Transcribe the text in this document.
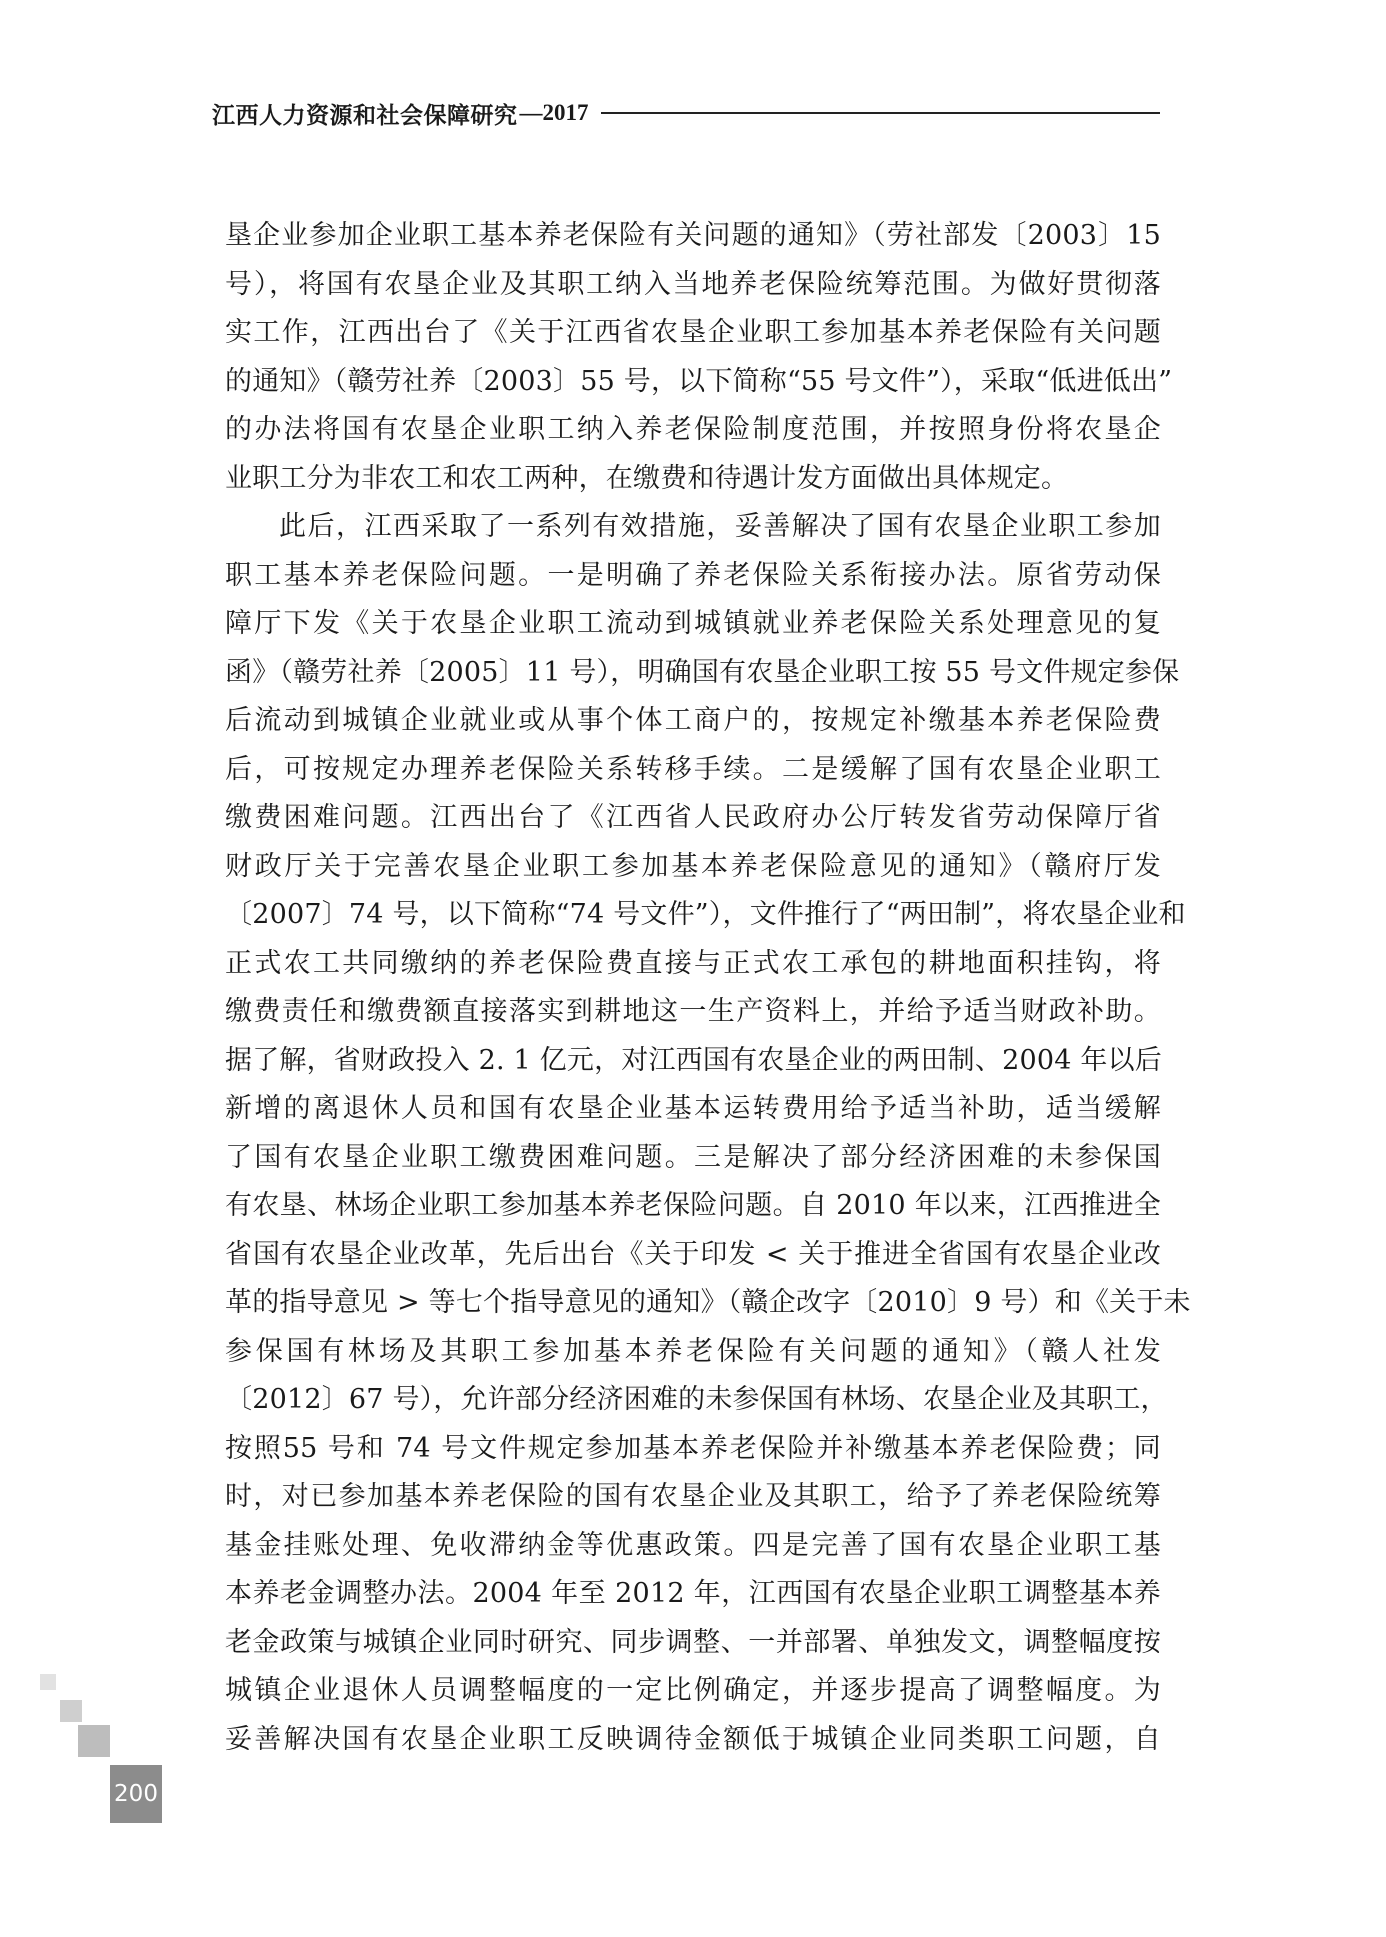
江西人力资源和社会保障研究 —2017
垦企业参加企业职工基本养老保险有关问题的通知》（劳社部发〔2003〕15
号），将国有农垦企业及其职工纳入当地养老保险统筹范围。为做好贯彻落
实工作，江西出台了《关于江西省农垦企业职工参加基本养老保险有关问题
的通知》（赣劳社养〔2003〕55 号，以下简称“55 号文件”），采取“低进低出”
的办法将国有农垦企业职工纳入养老保险制度范围，并按照身份将农垦企
业职工分为非农工和农工两种，在缴费和待遇计发方面做出具体规定。
此后，江西采取了一系列有效措施，妥善解决了国有农垦企业职工参加
职工基本养老保险问题。一是明确了养老保险关系衔接办法。原省劳动保
障厅下发《关于农垦企业职工流动到城镇就业养老保险关系处理意见的复
函》（赣劳社养〔2005〕11 号），明确国有农垦企业职工按 55 号文件规定参保
后流动到城镇企业就业或从事个体工商户的，按规定补缴基本养老保险费
后，可按规定办理养老保险关系转移手续。二是缓解了国有农垦企业职工
缴费困难问题。江西出台了《江西省人民政府办公厅转发省劳动保障厅省
财政厅关于完善农垦企业职工参加基本养老保险意见的通知》（赣府厅发
〔2007〕74 号，以下简称“74 号文件”），文件推行了“两田制”，将农垦企业和
正式农工共同缴纳的养老保险费直接与正式农工承包的耕地面积挂钩，将
缴费责任和缴费额直接落实到耕地这一生产资料上，并给予适当财政补助。
据了解，省财政投入 2. 1 亿元，对江西国有农垦企业的两田制、2004 年以后
新增的离退休人员和国有农垦企业基本运转费用给予适当补助，适当缓解
了国有农垦企业职工缴费困难问题。三是解决了部分经济困难的未参保国
有农垦、林场企业职工参加基本养老保险问题。自 2010 年以来，江西推进全
省国有农垦企业改革，先后出台《关于印发 < 关于推进全省国有农垦企业改
革的指导意见 > 等七个指导意见的通知》（赣企改字〔2010〕9 号）和《关于未
参保国有林场及其职工参加基本养老保险有关问题的通知》（赣人社发
〔2012〕67 号），允许部分经济困难的未参保国有林场、农垦企业及其职工，
按照55 号和 74 号文件规定参加基本养老保险并补缴基本养老保险费；同
时，对已参加基本养老保险的国有农垦企业及其职工，给予了养老保险统筹
基金挂账处理、免收滞纳金等优惠政策。四是完善了国有农垦企业职工基
本养老金调整办法。2004 年至 2012 年，江西国有农垦企业职工调整基本养
老金政策与城镇企业同时研究、同步调整、一并部署、单独发文，调整幅度按
城镇企业退休人员调整幅度的一定比例确定，并逐步提高了调整幅度。为
妥善解决国有农垦企业职工反映调待金额低于城镇企业同类职工问题，自
200
